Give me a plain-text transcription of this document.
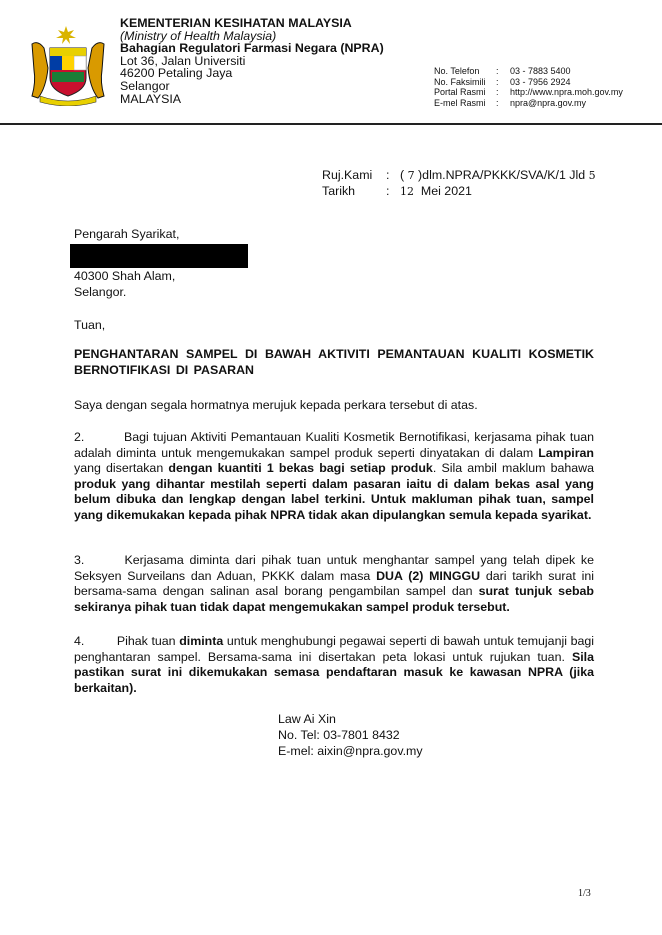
KEMENTERIAN KESIHATAN MALAYSIA
(Ministry of Health Malaysia)
Bahagian Regulatori Farmasi Negara (NPRA)
Lot 36, Jalan Universiti
46200 Petaling Jaya
Selangor
MALAYSIA
No. Telefon	:	03 - 7883 5400
No. Faksimili	:	03 - 7956 2924
Portal Rasmi	:	http://www.npra.moh.gov.my
E-mel Rasmi	:	npra@npra.gov.my
Ruj.Kami	: ( 7 )dlm.NPRA/PKKK/SVA/K/1 Jld 5
Tarikh	: 12 Mei 2021
Pengarah Syarikat,
40300 Shah Alam,
Selangor.
Tuan,
PENGHANTARAN SAMPEL DI BAWAH AKTIVITI PEMANTAUAN KUALITI KOSMETIK BERNOTIFIKASI DI PASARAN
Saya dengan segala hormatnya merujuk kepada perkara tersebut di atas.
2.	Bagi tujuan Aktiviti Pemantauan Kualiti Kosmetik Bernotifikasi, kerjasama pihak tuan adalah diminta untuk mengemukakan sampel produk seperti dinyatakan di dalam Lampiran yang disertakan dengan kuantiti 1 bekas bagi setiap produk. Sila ambil maklum bahawa produk yang dihantar mestilah seperti dalam pasaran iaitu di dalam bekas asal yang belum dibuka dan lengkap dengan label terkini. Untuk makluman pihak tuan, sampel yang dikemukakan kepada pihak NPRA tidak akan dipulangkan semula kepada syarikat.
3.	Kerjasama diminta dari pihak tuan untuk menghantar sampel yang telah dipek ke Seksyen Surveilans dan Aduan, PKKK dalam masa DUA (2) MINGGU dari tarikh surat ini bersama-sama dengan salinan asal borang pengambilan sampel dan surat tunjuk sebab sekiranya pihak tuan tidak dapat mengemukakan sampel produk tersebut.
4.	Pihak tuan diminta untuk menghubungi pegawai seperti di bawah untuk temujanji bagi penghantaran sampel. Bersama-sama ini disertakan peta lokasi untuk rujukan tuan. Sila pastikan surat ini dikemukakan semasa pendaftaran masuk ke kawasan NPRA (jika berkaitan).
Law Ai Xin
No. Tel: 03-7801 8432
E-mel: aixin@npra.gov.my
1/3
